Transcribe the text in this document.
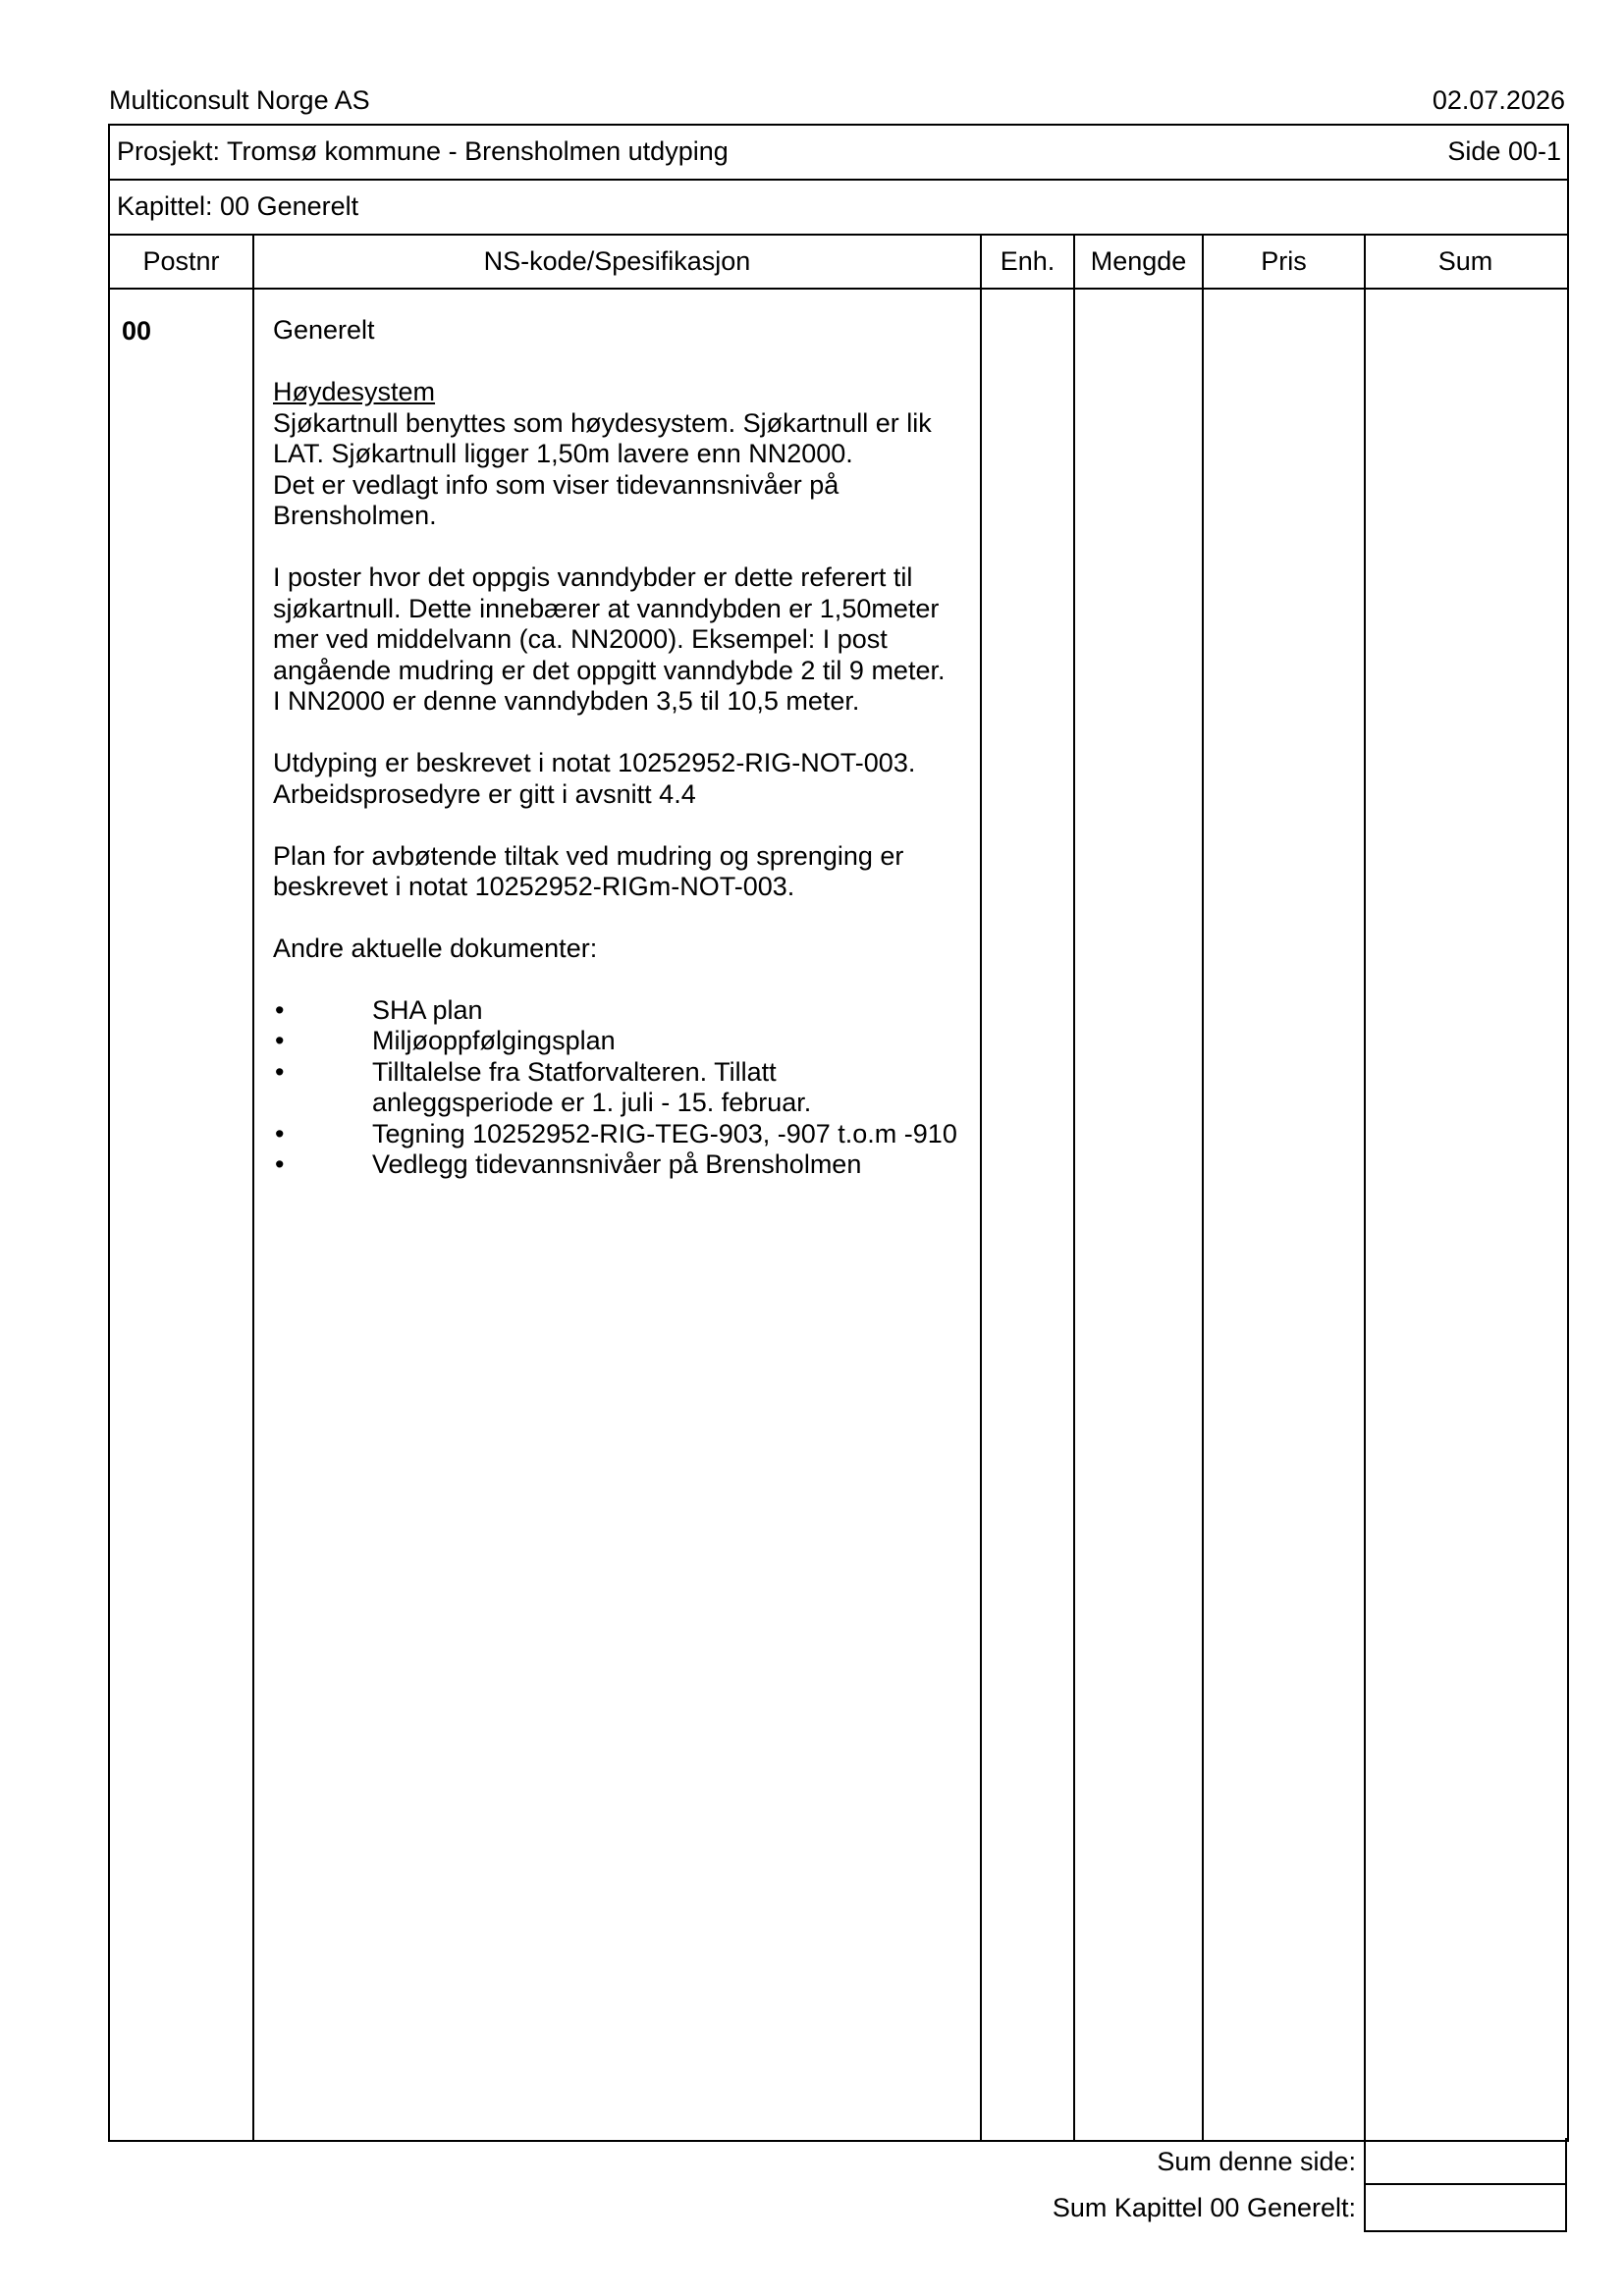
Multiconsult Norge AS	02.07.2026
Prosjekt: Tromsø kommune - Brensholmen utdyping	Side 00-1
Kapittel: 00 Generelt
Postnr	NS-kode/Spesifikasjon	Enh.	Mengde	Pris	Sum
00	Generelt

Høydesystem

Sjøkartnull benyttes som høydesystem. Sjøkartnull er lik
LAT. Sjøkartnull ligger 1,50m lavere enn NN2000.
Det er vedlagt info som viser tidevannsnivåer på
Brensholmen.

I poster hvor det oppgis vanndybder er dette referert til
sjøkartnull. Dette innebærer at vanndybden er 1,50meter
mer ved middelvann (ca. NN2000). Eksempel: I post
angående mudring er det oppgitt vanndybde 2 til 9 meter.
I NN2000 er denne vanndybden 3,5 til 10,5 meter.

Utdyping er beskrevet i notat 10252952-RIG-NOT-003.
Arbeidsprosedyre er gitt i avsnitt 4.4

Plan for avbøtende tiltak ved mudring og sprenging er
beskrevet i notat 10252952-RIGm-NOT-003.

Andre aktuelle dokumenter:

•	SHA plan
•	Miljøoppfølgingsplan
•	Tilltalelse fra Statforvalteren. Tillatt
anleggsperiode er 1. juli - 15. februar.
•	Tegning 10252952-RIG-TEG-903, -907 t.o.m -910
•	Vedlegg tidevannsnivåer på Brensholmen
Sum denne side:
Sum Kapittel 00 Generelt:
